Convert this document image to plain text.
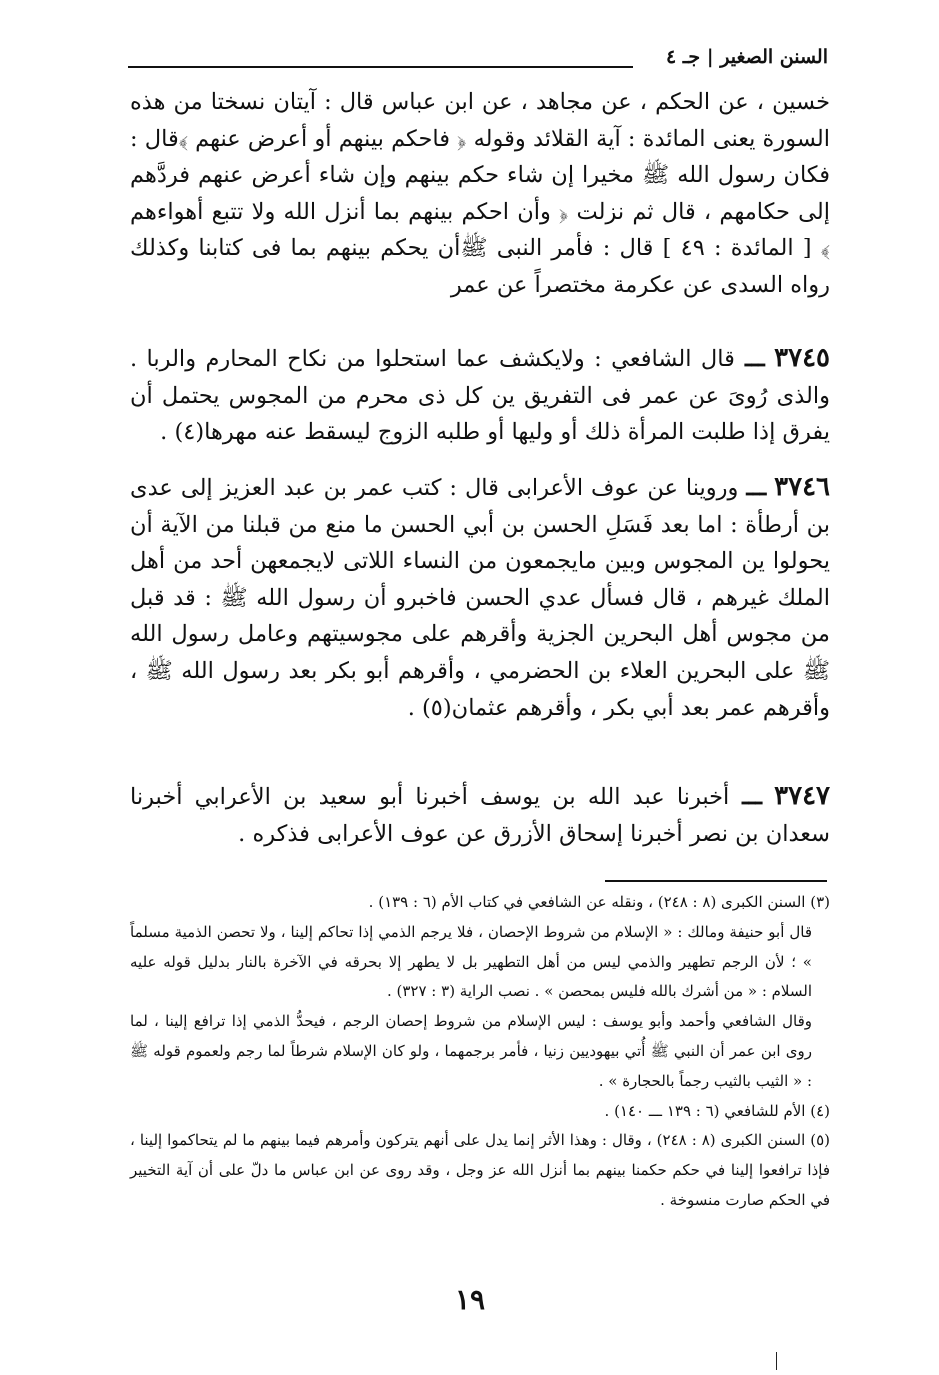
السنن الصغير | جـ ٤
خسين ، عن الحكم ، عن مجاهد ، عن ابن عباس قال : آيتان نسختا من هذه السورة يعنى المائدة : آية القلائد وقوله ﴿ فاحكم بينهم أو أعرض عنهم ﴾قال : فكان رسول الله ﷺ مخيرا إن شاء حكم بينهم وإن شاء أعرض عنهم فردَّهم إلى حكامهم ، قال ثم نزلت ﴿ وأن احكم بينهم بما أنزل الله ولا تتبع أهواءهم ﴾ [ المائدة : ٤٩ ] قال : فأمر النبى ﷺأن يحكم بينهم بما فى كتابنا وكذلك رواه السدى عن عكرمة مختصراً عن عمر
٣٧٤٥ ـــ قال الشافعي : ولايكشف عما استحلوا من نكاح المحارم والربا . والذى رُوىَ عن عمر فى التفريق ين كل ذى محرم من المجوس يحتمل أن يفرق إذا طلبت المرأة ذلك أو وليها أو طلبه الزوج ليسقط عنه مهرها(٤) .
٣٧٤٦ ـــ وروينا عن عوف الأعرابى قال : كتب عمر بن عبد العزيز إلى عدى بن أرطأة : اما بعد فَسَلِ الحسن بن أبي الحسن ما منع من قبلنا من الآية أن يحولوا ين المجوس وبين مايجمعون من النساء اللاتى لايجمعهن أحد من أهل الملك غيرهم ، قال فسأل عدي الحسن فاخبرو أن رسول الله ﷺ : قد قبل من مجوس أهل البحرين الجزية وأقرهم على مجوسيتهم وعامل رسول الله ﷺ على البحرين العلاء بن الحضرمي ، وأقرهم أبو بكر بعد رسول الله ﷺ ، وأقرهم عمر بعد أبي بكر ، وأقرهم عثمان(٥) .
٣٧٤٧ ـــ أخبرنا عبد الله بن يوسف أخبرنا أبو سعيد بن الأعرابي أخبرنا سعدان بن نصر أخبرنا إسحاق الأزرق عن عوف الأعرابى فذكره .

(٣) السنن الكبرى (٨ : ٢٤٨) ، ونقله عن الشافعي في كتاب الأم (٦ : ١٣٩) .

قال أبو حنيفة ومالك : « الإسلام من شروط الإحصان ، فلا يرجم الذمي إذا تحاكم إلينا ، ولا تحصن الذمية مسلماً » ؛ لأن الرجم تطهير والذمي ليس من أهل التطهير بل لا يطهر إلا بحرقه في الآخرة بالنار بدليل قوله عليه السلام : « من أشرك بالله فليس بمحصن » . نصب الراية (٣ : ٣٢٧) .

وقال الشافعي وأحمد وأبو يوسف : ليس الإسلام من شروط إحصان الرجم ، فيحدُّ الذمي إذا ترافع إلينا ، لما روى ابن عمر أن النبي ﷺ أُتي بيهوديين زنيا ، فأمر برجمهما ، ولو كان الإسلام شرطاً لما رجم ولعموم قوله ﷺ : « الثيب بالثيب رجماً بالحجارة » .

(٤) الأم للشافعي (٦ : ١٣٩ ـــ ١٤٠) .

(٥) السنن الكبرى (٨ : ٢٤٨) ، وقال : وهذا الأثر إنما يدل على أنهم يتركون وأمرهم فيما بينهم ما لم يتحاكموا إلينا ، فإذا ترافعوا إلينا في حكم حكمنا بينهم بما أنزل الله عز وجل ، وقد روى عن ابن عباس ما دلّ على أن آية التخيير في الحكم صارت منسوخة .

١٩
